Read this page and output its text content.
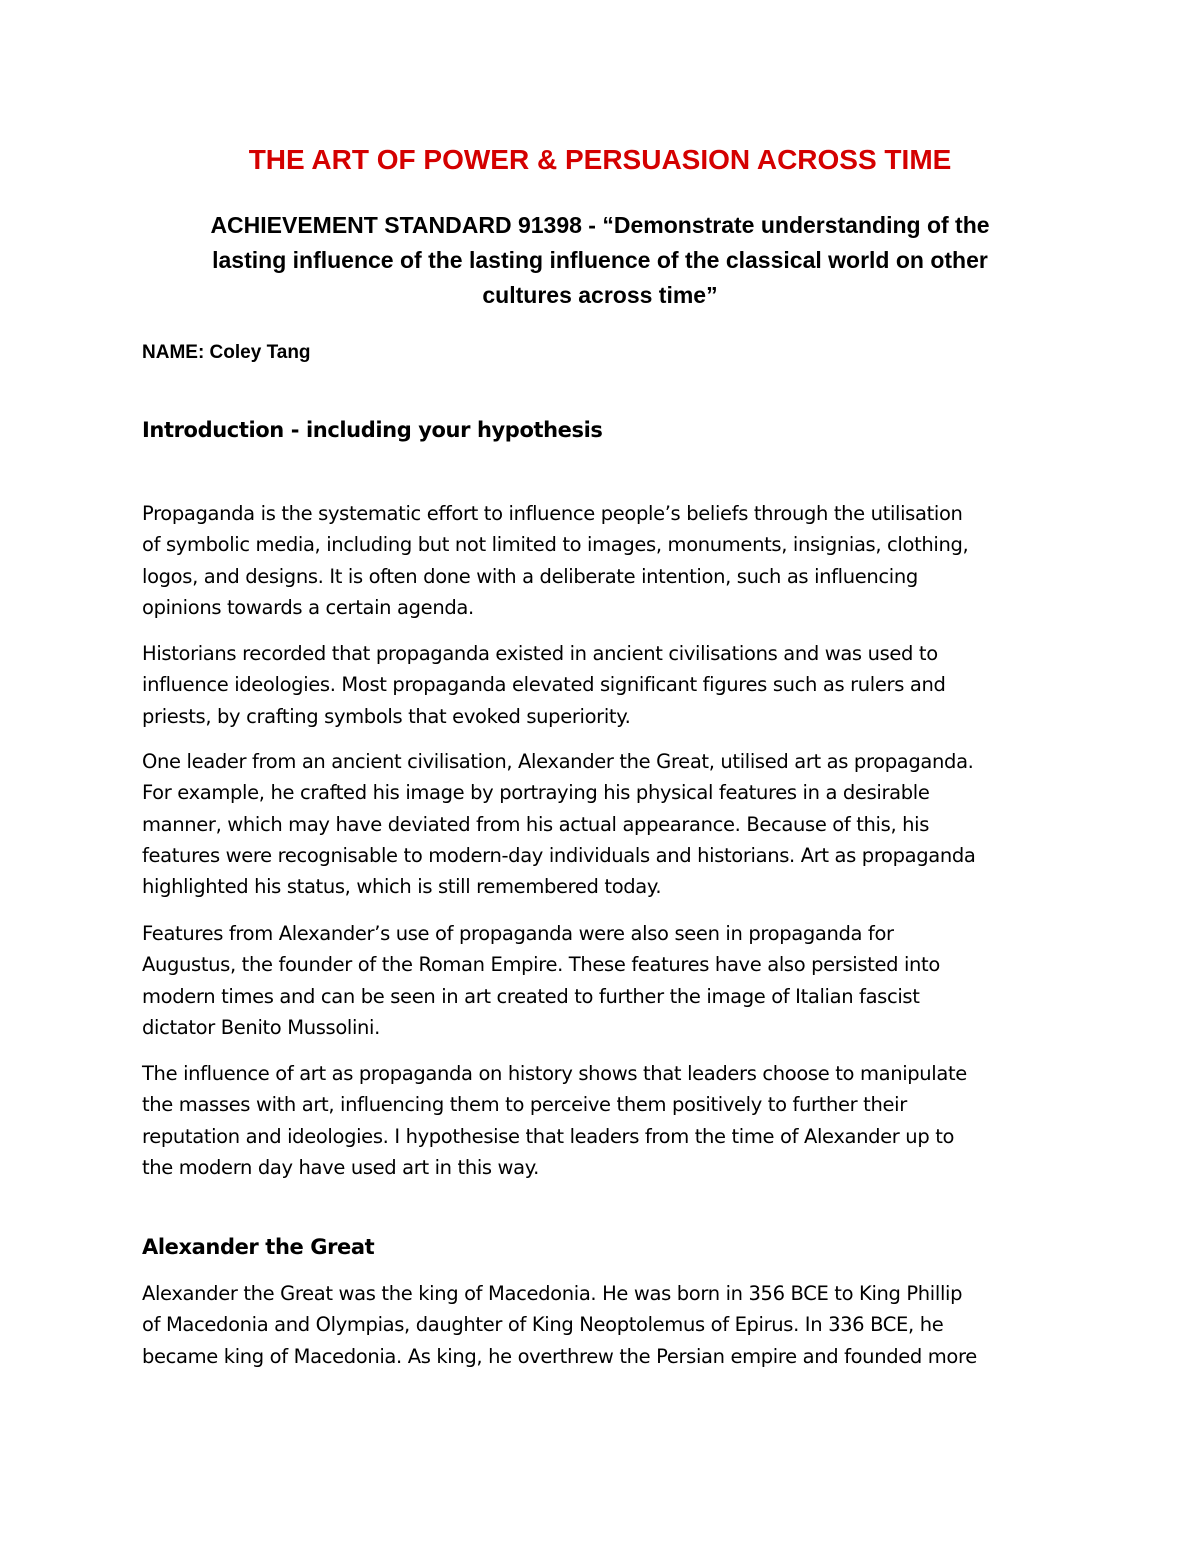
THE ART OF POWER & PERSUASION ACROSS TIME
ACHIEVEMENT STANDARD 91398 - “Demonstrate understanding of the
lasting influence of the lasting influence of the classical world on other
cultures across time”

NAME: Coley Tang

Introduction - including your hypothesis

Propaganda is the systematic effort to influence people’s beliefs through the utilisation
of symbolic media, including but not limited to images, monuments, insignias, clothing,
logos, and designs. It is often done with a deliberate intention, such as influencing
opinions towards a certain agenda.

Historians recorded that propaganda existed in ancient civilisations and was used to
influence ideologies. Most propaganda elevated significant figures such as rulers and
priests, by crafting symbols that evoked superiority.

One leader from an ancient civilisation, Alexander the Great, utilised art as propaganda.
For example, he crafted his image by portraying his physical features in a desirable
manner, which may have deviated from his actual appearance. Because of this, his
features were recognisable to modern-day individuals and historians. Art as propaganda
highlighted his status, which is still remembered today.

Features from Alexander’s use of propaganda were also seen in propaganda for
Augustus, the founder of the Roman Empire. These features have also persisted into
modern times and can be seen in art created to further the image of Italian fascist
dictator Benito Mussolini.

The influence of art as propaganda on history shows that leaders choose to manipulate
the masses with art, influencing them to perceive them positively to further their
reputation and ideologies. I hypothesise that leaders from the time of Alexander up to
the modern day have used art in this way.

Alexander the Great

Alexander the Great was the king of Macedonia. He was born in 356 BCE to King Phillip
of Macedonia and Olympias, daughter of King Neoptolemus of Epirus. In 336 BCE, he
became king of Macedonia. As king, he overthrew the Persian empire and founded more
